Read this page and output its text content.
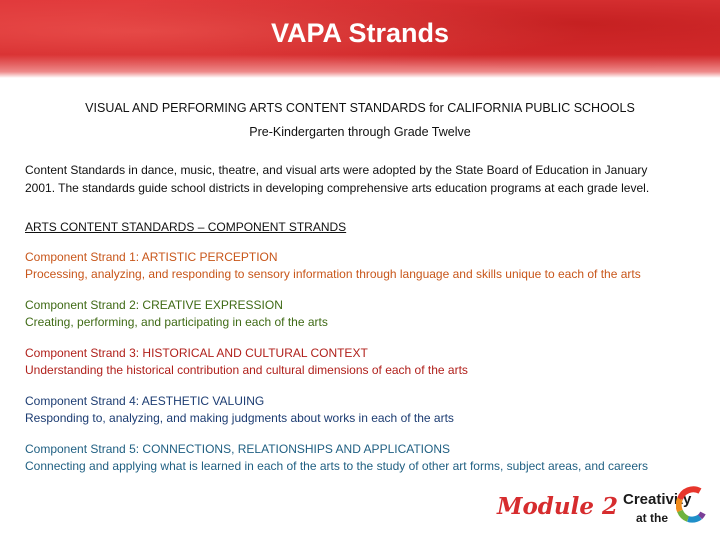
VAPA Strands
VISUAL AND PERFORMING ARTS CONTENT STANDARDS for CALIFORNIA PUBLIC SCHOOLS
Pre-Kindergarten through Grade Twelve
Content Standards in dance, music, theatre, and visual arts were adopted by the State Board of Education in January
2001. The standards guide school districts in developing comprehensive arts education programs at each grade level.
ARTS CONTENT STANDARDS – COMPONENT STRANDS
Component Strand 1: ARTISTIC PERCEPTION
Processing, analyzing, and responding to sensory information through language and skills unique to each of the arts
Component Strand 2: CREATIVE EXPRESSION
Creating, performing, and participating in each of the arts
Component Strand 3: HISTORICAL AND CULTURAL CONTEXT
Understanding the historical contribution and cultural dimensions of each of the arts
Component Strand 4: AESTHETIC VALUING
Responding to, analyzing, and making judgments about works in each of the arts
Component Strand 5: CONNECTIONS, RELATIONSHIPS AND APPLICATIONS
Connecting and applying what is learned in each of the arts to the study of other art forms, subject areas, and careers
Module 2 Creativity
at the
